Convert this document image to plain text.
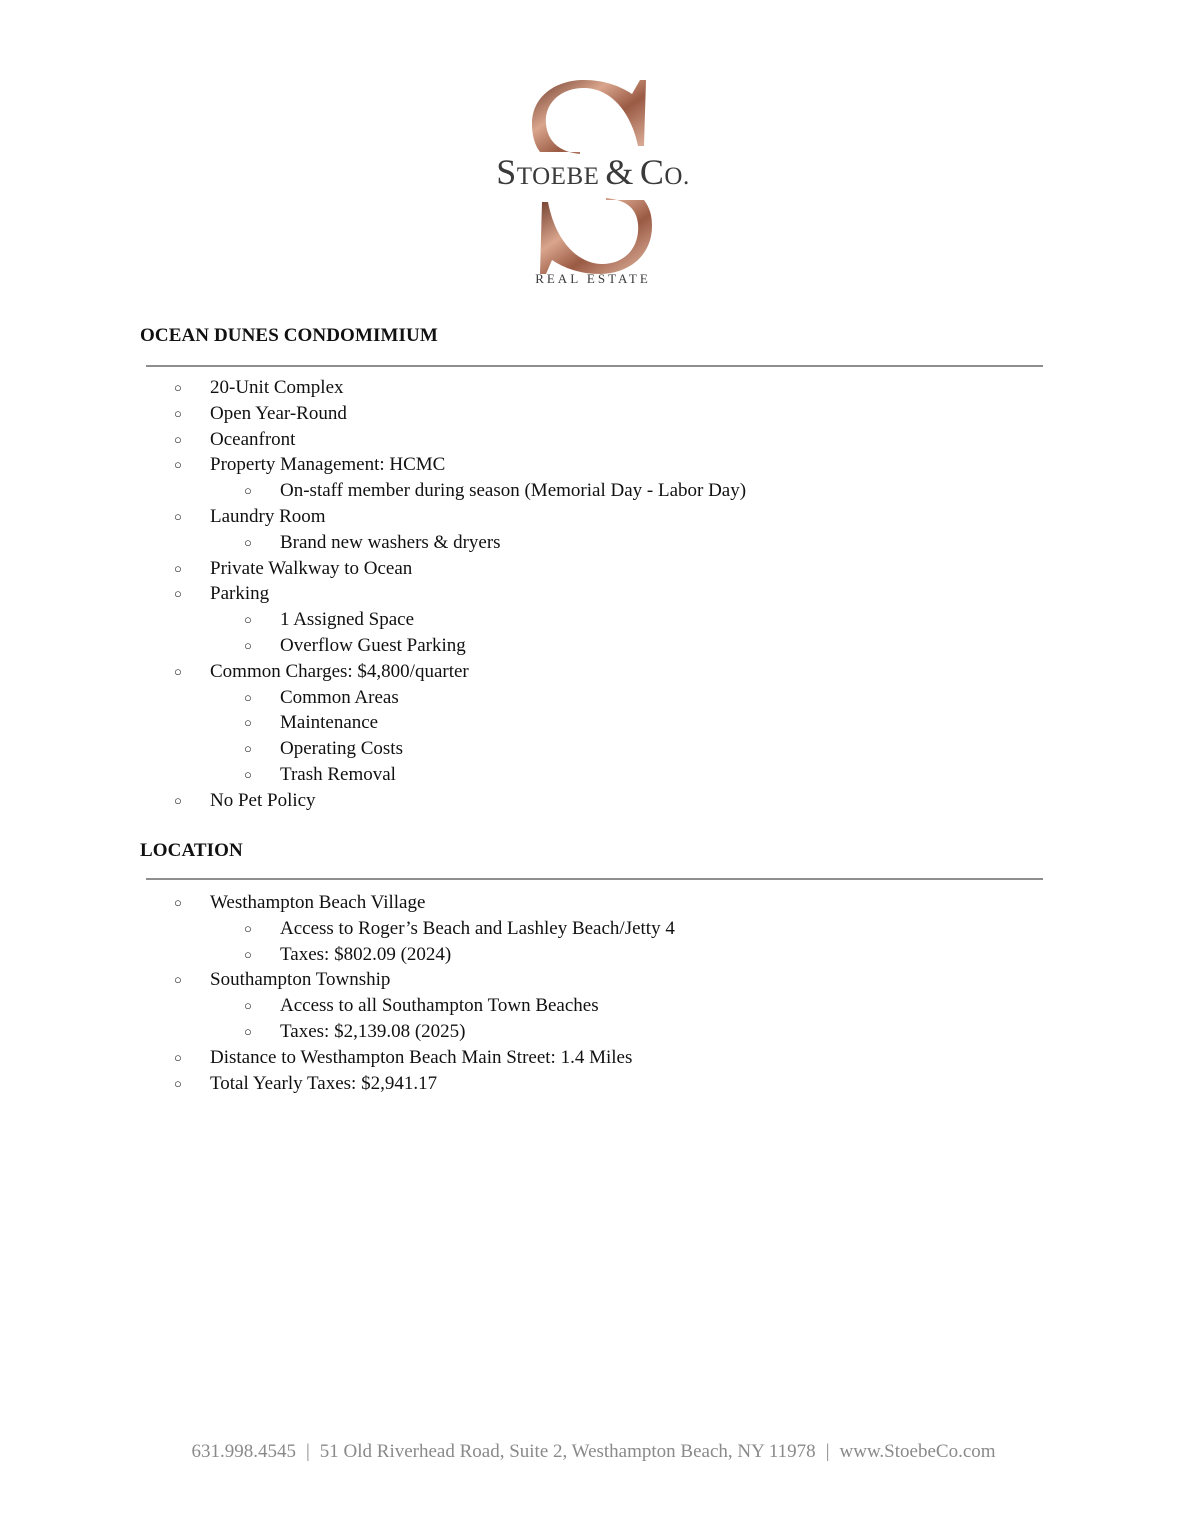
STOEBE & CO.
REAL ESTATE
OCEAN DUNES CONDOMIMIUM
○ 20-Unit Complex
○ Open Year-Round
○ Oceanfront
○ Property Management: HCMC
○ On-staff member during season (Memorial Day - Labor Day)
○ Laundry Room
○ Brand new washers & dryers
○ Private Walkway to Ocean
○ Parking
○ 1 Assigned Space
○ Overflow Guest Parking
○ Common Charges: $4,800/quarter
○ Common Areas
○ Maintenance
○ Operating Costs
○ Trash Removal
○ No Pet Policy
LOCATION
○ Westhampton Beach Village
○ Access to Roger’s Beach and Lashley Beach/Jetty 4
○ Taxes: $802.09 (2024)
○ Southampton Township
○ Access to all Southampton Town Beaches
○ Taxes: $2,139.08 (2025)
○ Distance to Westhampton Beach Main Street: 1.4 Miles
○ Total Yearly Taxes: $2,941.17
631.998.4545 | 51 Old Riverhead Road, Suite 2, Westhampton Beach, NY 11978 | www.StoebeCo.com
